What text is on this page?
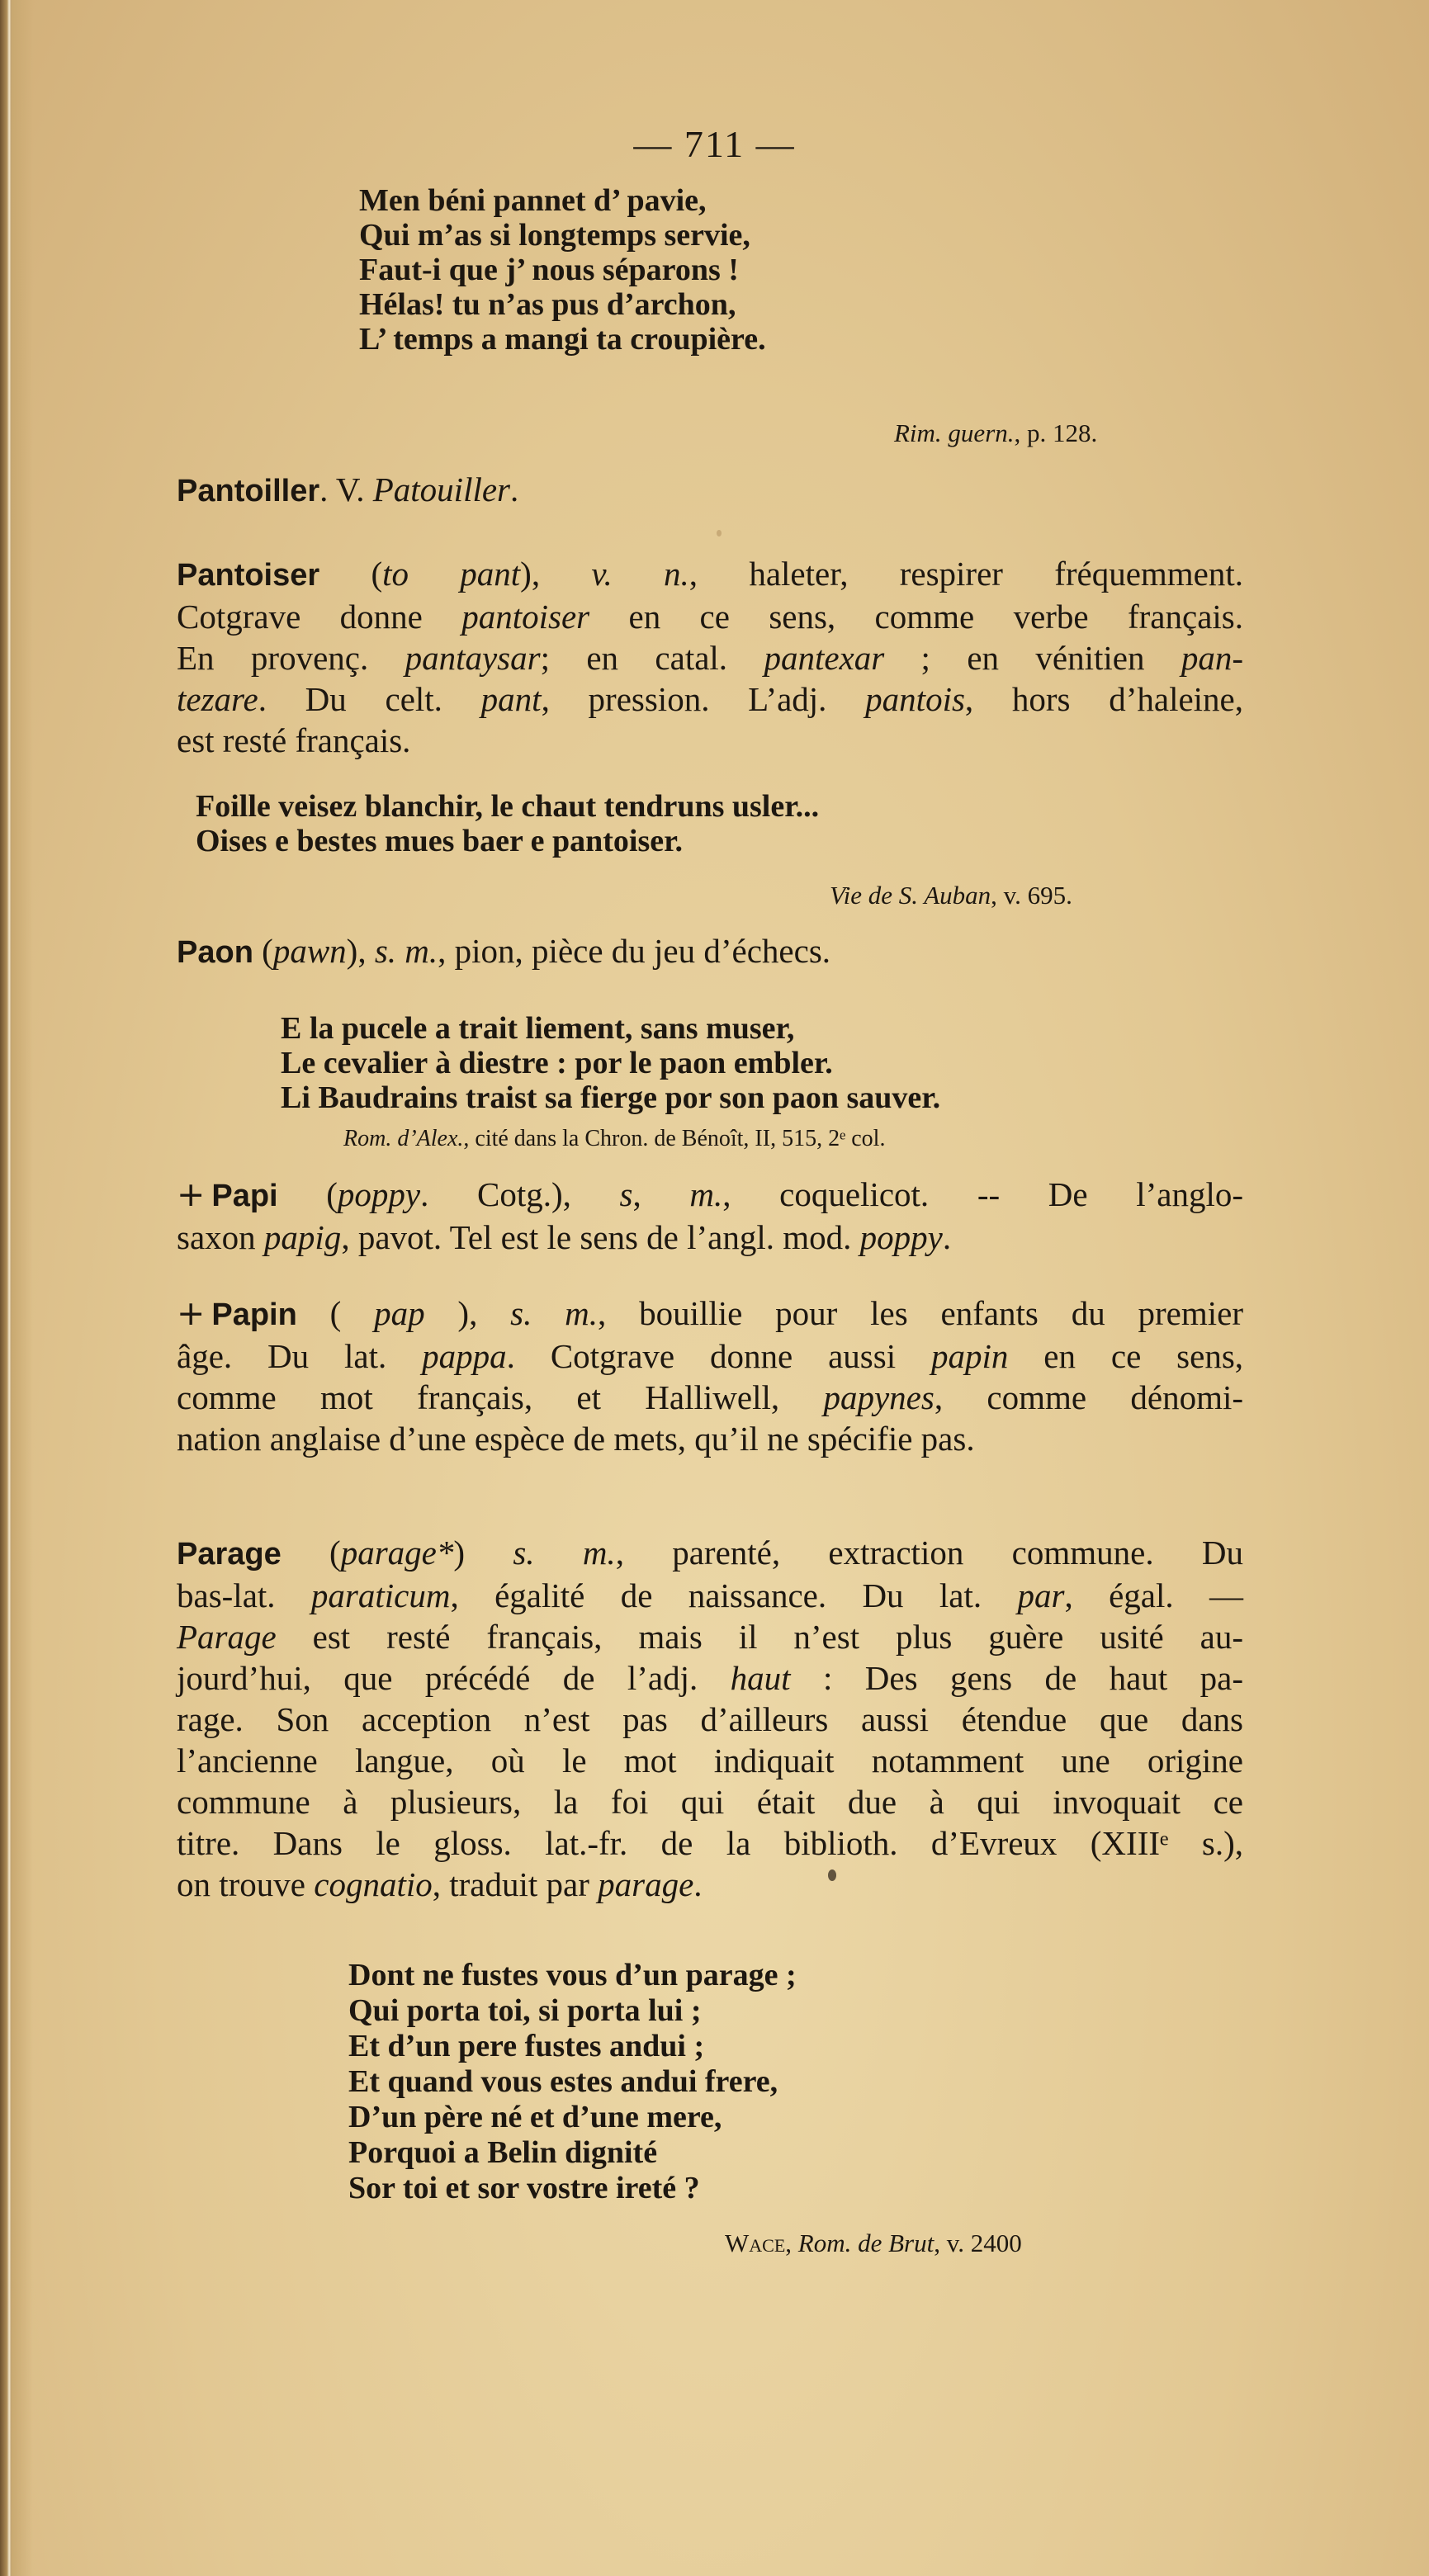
— 711 —
Men béni pannet d’ pavie,
Qui m’as si longtemps servie,
Faut-i que j’ nous séparons !
Hélas! tu n’as pus d’archon,
L’ temps a mangi ta croupière.
Rim. guern., p. 128.
Pantoiller. V. Patouiller.
Pantoiser (to pant), v. n., haleter, respirer fréquemment.
Cotgrave donne pantoiser en ce sens, comme verbe français.
En provenç. pantaysar; en catal. pantexar ; en vénitien pan-
tezare. Du celt. pant, pression. L’adj. pantois, hors d’haleine,
est resté français.
Foille veisez blanchir, le chaut tendruns usler...
Oises e bestes mues baer e pantoiser.
Vie de S. Auban, v. 695.
Paon (pawn), s. m., pion, pièce du jeu d’échecs.
E la pucele a trait liement, sans muser,
Le cevalier à diestre : por le paon embler.
Li Baudrains traist sa fierge por son paon sauver.
Rom. d’Alex., cité dans la Chron. de Bénoît, II, 515, 2ᵉ col.
+ Papi (poppy. Cotg.), s, m., coquelicot. -- De l’anglo-
saxon papig, pavot. Tel est le sens de l’angl. mod. poppy.
+ Papin ( pap ), s. m., bouillie pour les enfants du premier
âge. Du lat. pappa. Cotgrave donne aussi papin en ce sens,
comme mot français, et Halliwell, papynes, comme dénomi-
nation anglaise d’une espèce de mets, qu’il ne spécifie pas.
Parage (parage*) s. m., parenté, extraction commune. Du
bas-lat. paraticum, égalité de naissance. Du lat. par, égal. —
Parage est resté français, mais il n’est plus guère usité au-
jourd’hui, que précédé de l’adj. haut : Des gens de haut pa-
rage. Son acception n’est pas d’ailleurs aussi étendue que dans
l’ancienne langue, où le mot indiquait notamment une origine
commune à plusieurs, la foi qui était due à qui invoquait ce
titre. Dans le gloss. lat.-fr. de la biblioth. d’Evreux (XIIIᵉ s.),
on trouve cognatio, traduit par parage.
Dont ne fustes vous d’un parage ;
Qui porta toi, si porta lui ;
Et d’un pere fustes andui ;
Et quand vous estes andui frere,
D’un père né et d’une mere,
Porquoi a Belin dignité
Sor toi et sor vostre ireté ?
Wace, Rom. de Brut, v. 2400
